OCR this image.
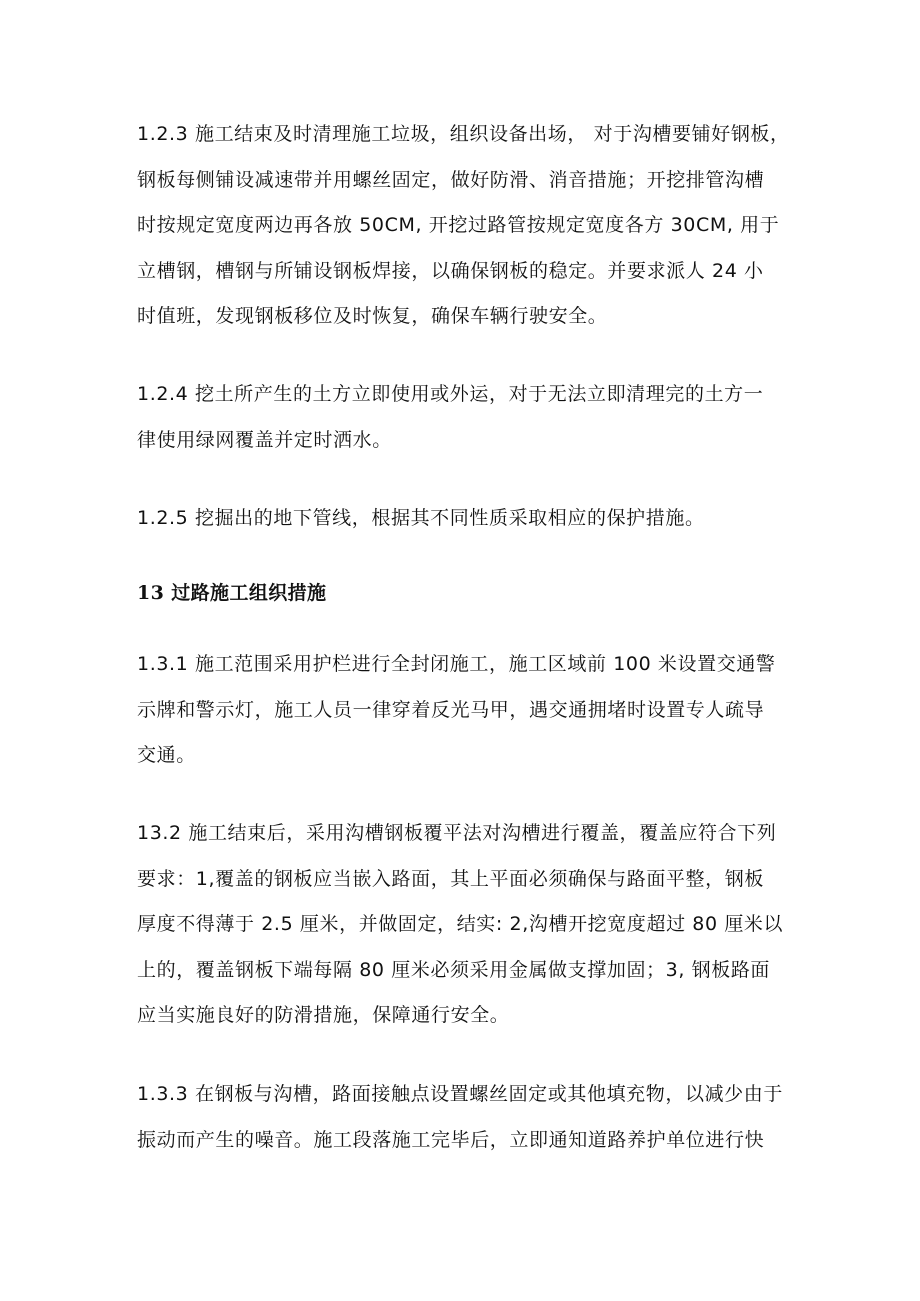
1.2.3 施工结束及时清理施工垃圾，组织设备出场， 对于沟槽要铺好钢板，
钢板每侧铺设减速带并用螺丝固定，做好防滑、消音措施；开挖排管沟槽
时按规定宽度两边再各放 50CM, 开挖过路管按规定宽度各方 30CM, 用于
立槽钢，槽钢与所铺设钢板焊接，以确保钢板的稳定。并要求派人 24 小
时值班，发现钢板移位及时恢复，确保车辆行驶安全。
1.2.4 挖土所产生的土方立即使用或外运，对于无法立即清理完的土方一
律使用绿网覆盖并定时洒水。
1.2.5 挖掘出的地下管线，根据其不同性质采取相应的保护措施。
13 过路施工组织措施
1.3.1 施工范围采用护栏进行全封闭施工，施工区域前 100 米设置交通警
示牌和警示灯，施工人员一律穿着反光马甲，遇交通拥堵时设置专人疏导
交通。
13.2 施工结束后，采用沟槽钢板覆平法对沟槽进行覆盖，覆盖应符合下列
要求：1,覆盖的钢板应当嵌入路面，其上平面必须确保与路面平整，钢板
厚度不得薄于 2.5 厘米，并做固定，结实: 2,沟槽开挖宽度超过 80 厘米以
上的，覆盖钢板下端每隔 80 厘米必须采用金属做支撑加固；3, 钢板路面
应当实施良好的防滑措施，保障通行安全。
1.3.3 在钢板与沟槽，路面接触点设置螺丝固定或其他填充物，以减少由于
振动而产生的噪音。施工段落施工完毕后，立即通知道路养护单位进行快
